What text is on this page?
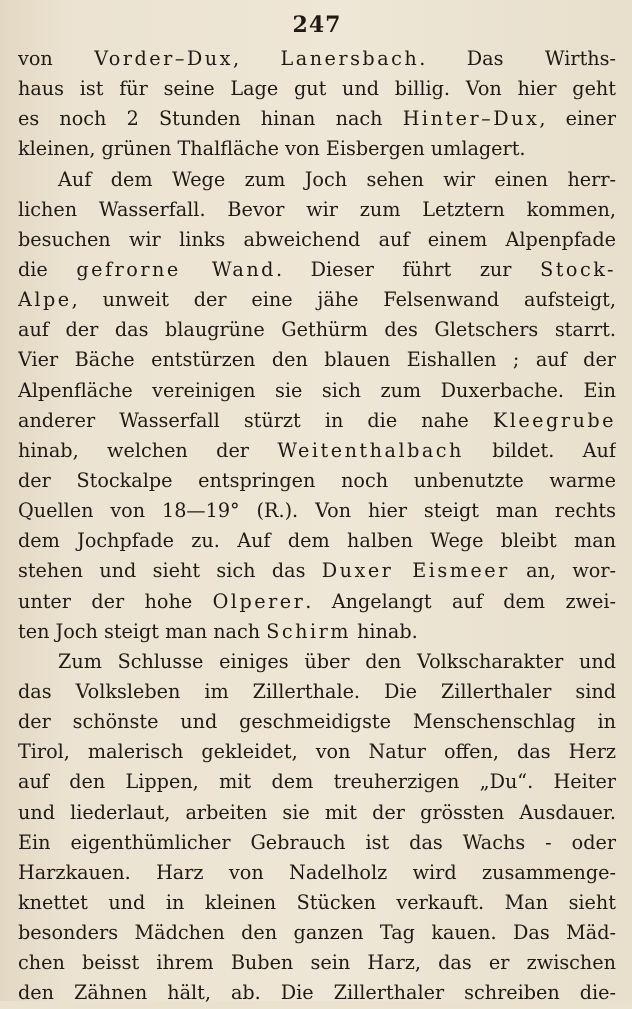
247
von Vorder–Dux, Lanersbach. Das Wirths-
haus ist für seine Lage gut und billig. Von hier geht
es noch 2 Stunden hinan nach Hinter–Dux, einer
kleinen, grünen Thalfläche von Eisbergen umlagert.
Auf dem Wege zum Joch sehen wir einen herr-
lichen Wasserfall. Bevor wir zum Letztern kommen,
besuchen wir links abweichend auf einem Alpenpfade
die gefrorne Wand. Dieser führt zur Stock-
Alpe, unweit der eine jähe Felsenwand aufsteigt,
auf der das blaugrüne Gethürm des Gletschers starrt.
Vier Bäche entstürzen den blauen Eishallen ; auf der
Alpenfläche vereinigen sie sich zum Duxerbache. Ein
anderer Wasserfall stürzt in die nahe Kleegrube
hinab, welchen der Weitenthalbach bildet. Auf
der Stockalpe entspringen noch unbenutzte warme
Quellen von 18—19° (R.). Von hier steigt man rechts
dem Jochpfade zu. Auf dem halben Wege bleibt man
stehen und sieht sich das Duxer Eismeer an, wor-
unter der hohe Olperer. Angelangt auf dem zwei-
ten Joch steigt man nach Schirm hinab.
Zum Schlusse einiges über den Volkscharakter und
das Volksleben im Zillerthale. Die Zillerthaler sind
der schönste und geschmeidigste Menschenschlag in
Tirol, malerisch gekleidet, von Natur offen, das Herz
auf den Lippen, mit dem treuherzigen „Du“. Heiter
und liederlaut, arbeiten sie mit der grössten Ausdauer.
Ein eigenthümlicher Gebrauch ist das Wachs - oder
Harzkauen. Harz von Nadelholz wird zusammenge-
knettet und in kleinen Stücken verkauft. Man sieht
besonders Mädchen den ganzen Tag kauen. Das Mäd-
chen beisst ihrem Buben sein Harz, das er zwischen
den Zähnen hält, ab. Die Zillerthaler schreiben die-
